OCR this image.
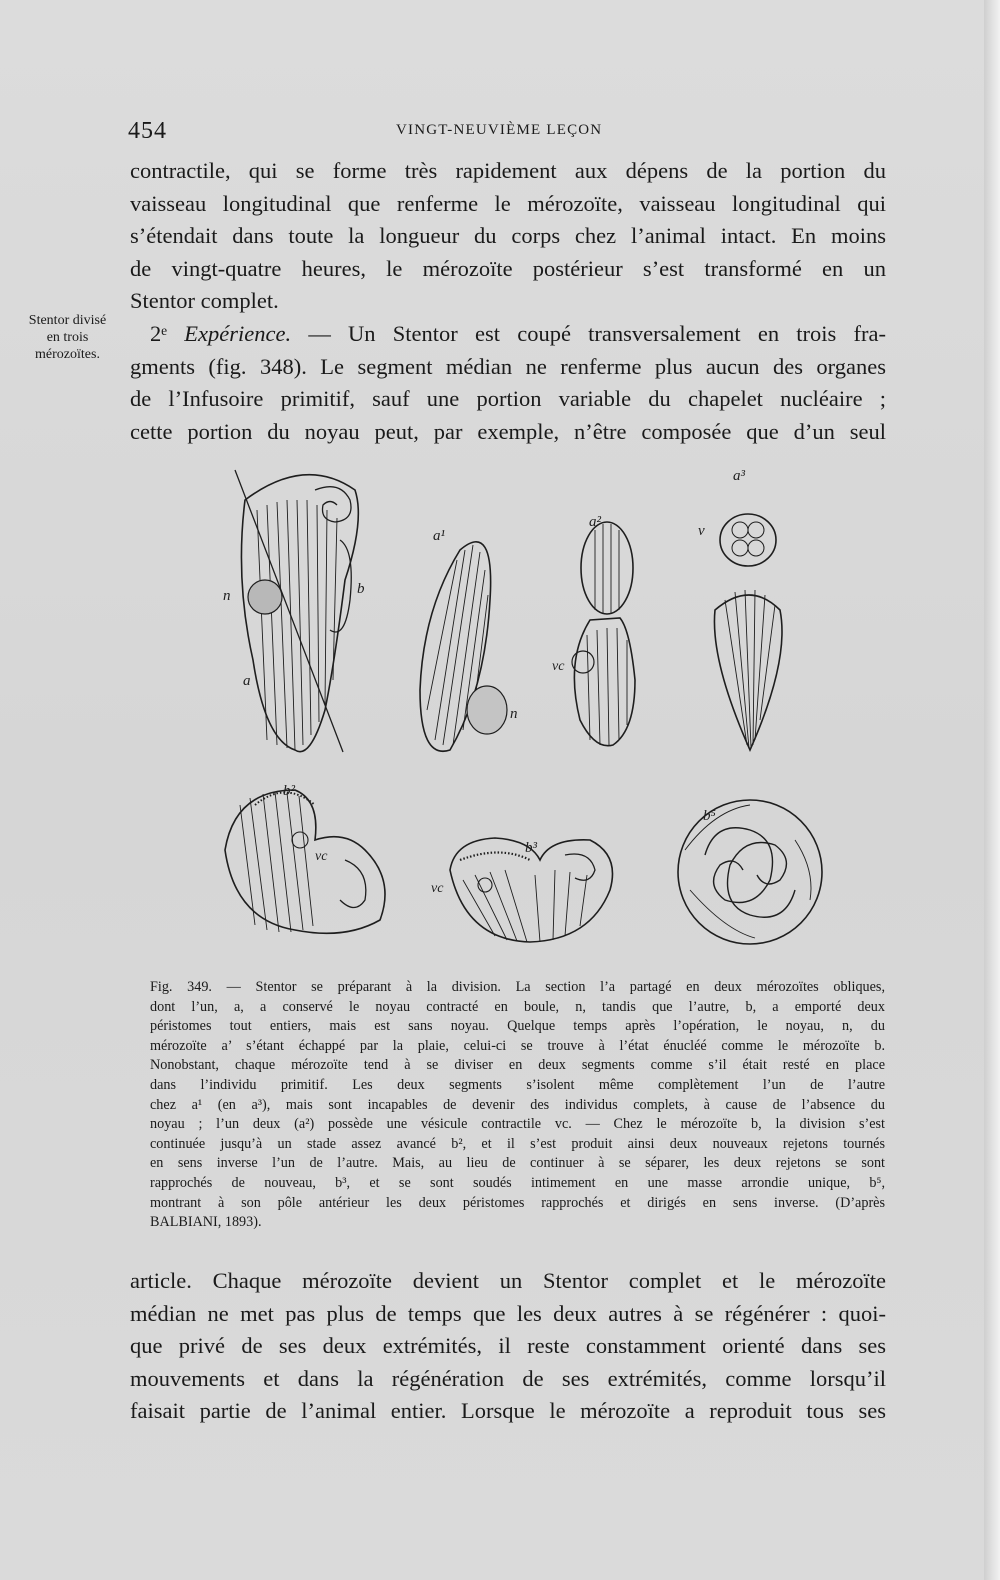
454	VINGT-NEUVIÈME LEÇON
Stentor divisé
en trois
mérozoïtes.
contractile, qui se forme très rapidement aux dépens de la portion du
vaisseau longitudinal que renferme le mérozoïte, vaisseau longitudinal qui
s’étendait dans toute la longueur du corps chez l’animal intact. En moins
de vingt-quatre heures, le mérozoïte postérieur s’est transformé en un
Stentor complet.
2ᵉ Expérience. — Un Stentor est coupé transversalement en trois fra-
gments (fig. 348). Le segment médian ne renferme plus aucun des organes
de l’Infusoire primitif, sauf une portion variable du chapelet nucléaire ;
cette portion du noyau peut, par exemple, n’être composée que d’un seul
n	b
a
a¹
n
a²
vc
a³
v
b²
vc
b³
vc
b⁵
Fig. 349. — Stentor se préparant à la division. La section l’a partagé en deux mérozoïtes obliques,
dont l’un, a, a conservé le noyau contracté en boule, n, tandis que l’autre, b, a emporté deux
péristomes tout entiers, mais est sans noyau. Quelque temps après l’opération, le noyau, n, du
mérozoïte a’ s’étant échappé par la plaie, celui-ci se trouve à l’état énucléé comme le mérozoïte b.
Nonobstant, chaque mérozoïte tend à se diviser en deux segments comme s’il était resté en place
dans l’individu primitif. Les deux segments s’isolent même complètement l’un de l’autre
chez a¹ (en a³), mais sont incapables de devenir des individus complets, à cause de l’absence du
noyau ; l’un deux (a²) possède une vésicule contractile vc. — Chez le mérozoïte b, la division s’est
continuée jusqu’à un stade assez avancé b², et il s’est produit ainsi deux nouveaux rejetons tournés
en sens inverse l’un de l’autre. Mais, au lieu de continuer à se séparer, les deux rejetons se sont
rapprochés de nouveau, b³, et se sont soudés intimement en une masse arrondie unique, b⁵,
montrant à son pôle antérieur les deux péristomes rapprochés et dirigés en sens inverse. (D’après
BALBIANI, 1893).
article. Chaque mérozoïte devient un Stentor complet et le mérozoïte
médian ne met pas plus de temps que les deux autres à se régénérer : quoi-
que privé de ses deux extrémités, il reste constamment orienté dans ses
mouvements et dans la régénération de ses extrémités, comme lorsqu’il
faisait partie de l’animal entier. Lorsque le mérozoïte a reproduit tous ses
